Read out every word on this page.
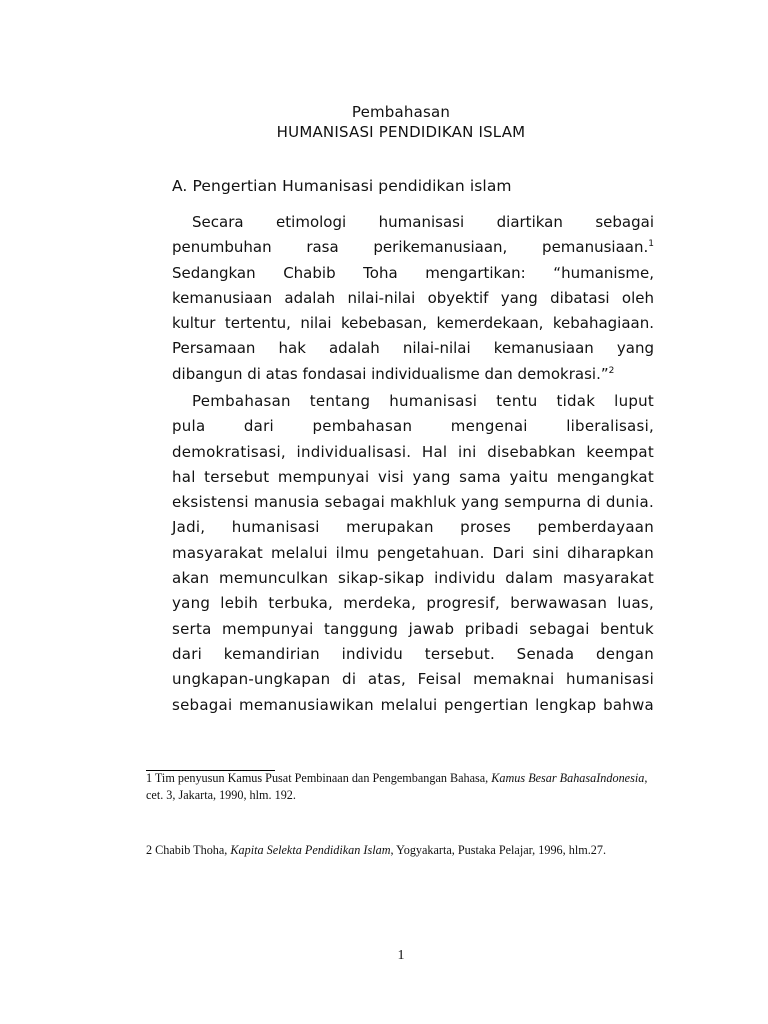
Pembahasan
HUMANISASI PENDIDIKAN ISLAM
A. Pengertian Humanisasi pendidikan islam
Secara etimologi humanisasi diartikan sebagai
penumbuhan rasa perikemanusiaan, pemanusiaan.$^1$
Sedangkan Chabib Toha mengartikan: “humanisme,
kemanusiaan adalah nilai-nilai obyektif yang dibatasi oleh
kultur tertentu, nilai kebebasan, kemerdekaan, kebahagiaan.
Persamaan hak adalah nilai-nilai kemanusiaan yang
dibangun di atas fondasai individualisme dan demokrasi.”$^2$
Pembahasan tentang humanisasi tentu tidak luput
pula dari pembahasan mengenai liberalisasi,
demokratisasi, individualisasi. Hal ini disebabkan keempat
hal tersebut mempunyai visi yang sama yaitu mengangkat
eksistensi manusia sebagai makhluk yang sempurna di dunia.
Jadi, humanisasi merupakan proses pemberdayaan
masyarakat melalui ilmu pengetahuan. Dari sini diharapkan
akan memunculkan sikap-sikap individu dalam masyarakat
yang lebih terbuka, merdeka, progresif, berwawasan luas,
serta mempunyai tanggung jawab pribadi sebagai bentuk
dari kemandirian individu tersebut. Senada dengan
ungkapan-ungkapan di atas, Feisal memaknai humanisasi
sebagai memanusiawikan melalui pengertian lengkap bahwa
1 Tim penyusun Kamus Pusat Pembinaan dan Pengembangan Bahasa, Kamus Besar BahasaIndonesia,
cet. 3, Jakarta, 1990, hlm. 192.
2 Chabib Thoha, Kapita Selekta Pendidikan Islam, Yogyakarta, Pustaka Pelajar, 1996, hlm.27.
1
